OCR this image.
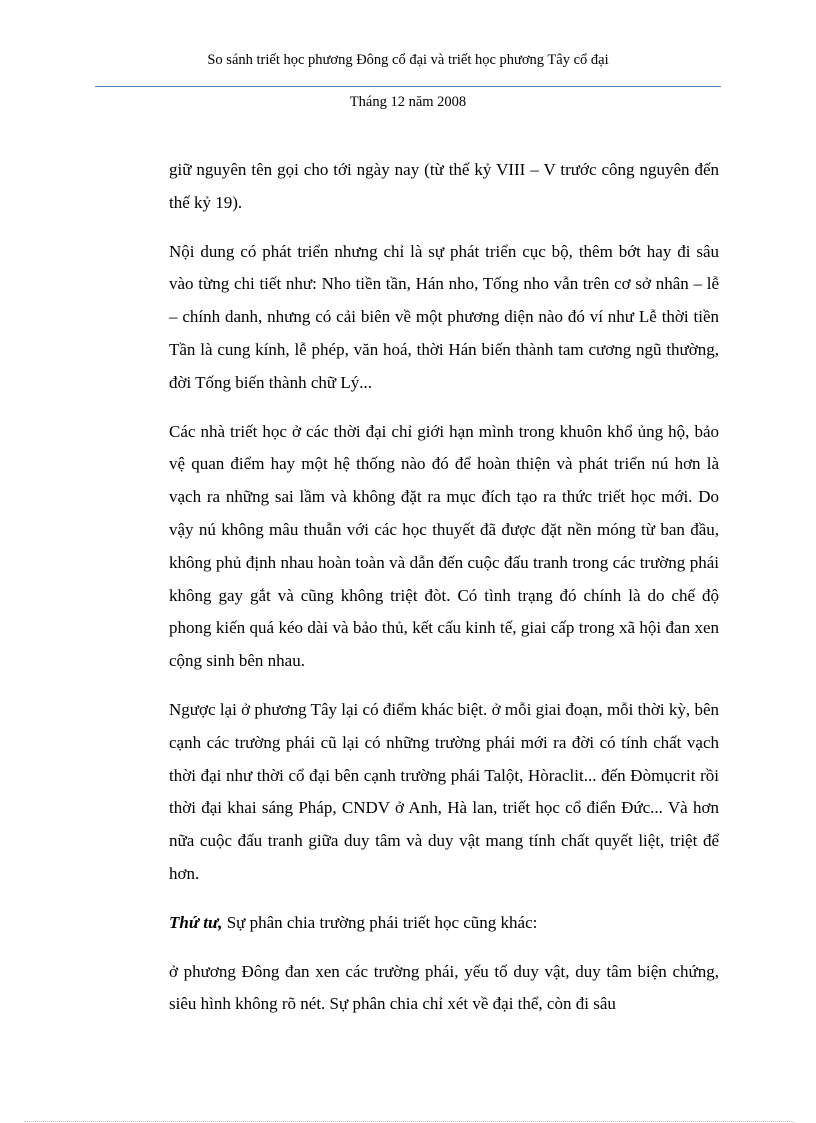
So sánh triết học phương Đông cổ đại và triết học phương Tây cổ đại
Tháng 12 năm 2008

giữ nguyên tên gọi cho tới ngày nay (từ thế kỷ VIII – V trước công nguyên đến thế kỷ 19).

Nội dung có phát triển nhưng chỉ là sự phát triển cục bộ, thêm bớt hay đi sâu vào từng chi tiết như: Nho tiền tần, Hán nho, Tống nho vẫn trên cơ sở nhân – lễ – chính danh, nhưng có cải biên về một phương diện nào đó ví như Lễ thời tiền Tần là cung kính, lễ phép, văn hoá, thời Hán biến thành tam cương ngũ thường, đời Tống biến thành chữ Lý...

Các nhà triết học ở các thời đại chỉ giới hạn mình trong khuôn khổ ủng hộ, bảo vệ quan điểm hay một hệ thống nào đó để hoàn thiện và phát triển nú hơn là vạch ra những sai lầm và không đặt ra mục đích tạo ra thức triết học mới. Do vậy nú không mâu thuẫn với các học thuyết đã được đặt nền móng từ ban đầu, không phủ định nhau hoàn toàn và dẫn đến cuộc đấu tranh trong các trường phái không gay gắt và cũng không triệt đòt. Có tình trạng đó chính là do chế độ phong kiến quá kéo dài và bảo thủ, kết cấu kinh tế, giai cấp trong xã hội đan xen cộng sinh bên nhau.

Ngược lại ở phương Tây lại có điểm khác biệt. ở mỗi giai đoạn, mỗi thời kỳ, bên cạnh các trường phái cũ lại có những trường phái mới ra đời có tính chất vạch thời đại như thời cổ đại bên cạnh trường phái Talột, Hòraclit... đến Đòmụcrit rồi thời đại khai sáng Pháp, CNDV ở Anh, Hà lan, triết học cổ điển Đức... Và hơn nữa cuộc đấu tranh giữa duy tâm và duy vật mang tính chất quyết liệt, triệt để hơn.

Thứ tư, Sự phân chia trường phái triết học cũng khác:

ở phương Đông đan xen các trường phái, yếu tố duy vật, duy tâm biện chứng, siêu hình không rõ nét. Sự phân chia chỉ xét về đại thể, còn đi sâu
